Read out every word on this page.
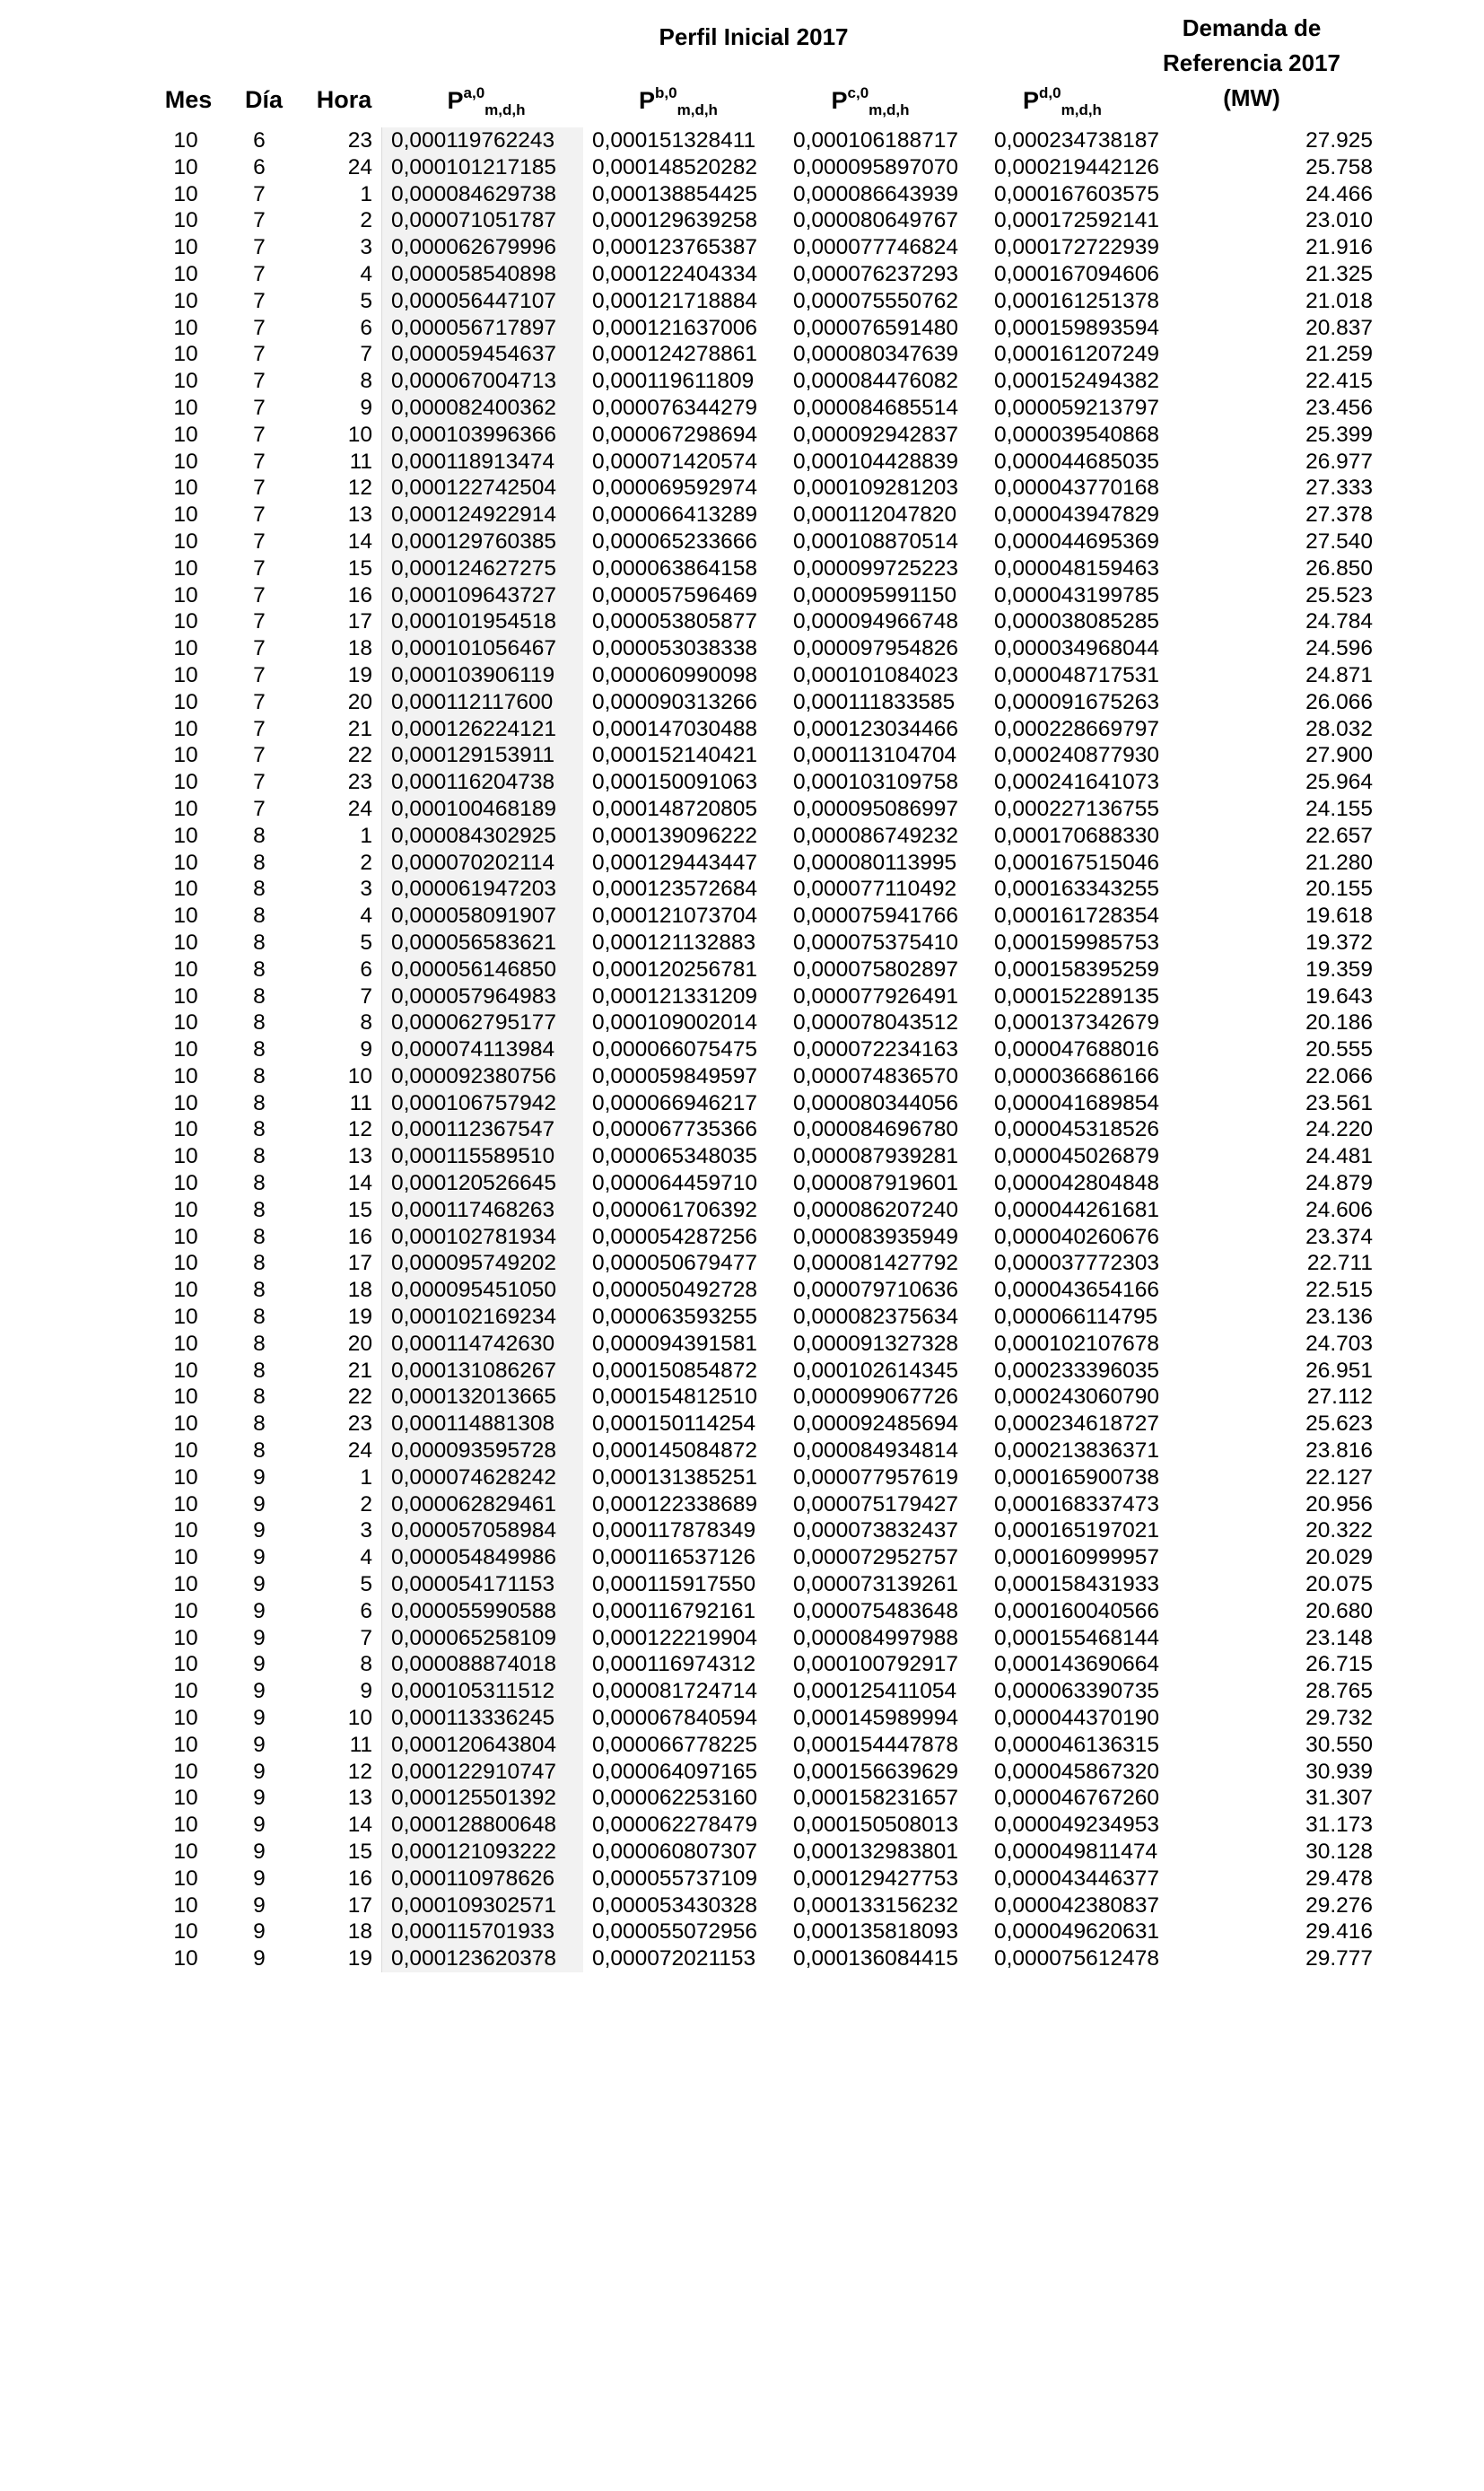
Perfil Inicial 2017	Demanda de
Referencia 2017
(MW)
Mes	Día	Hora	P$^{a,0}_{m,d,h}$	P$^{b,0}_{m,d,h}$	P$^{c,0}_{m,d,h}$	P$^{d,0}_{m,d,h}$
10	6	23	0,000119762243	0,000151328411	0,000106188717	0,000234738187	27.925
10	6	24	0,000101217185	0,000148520282	0,000095897070	0,000219442126	25.758
10	7	1	0,000084629738	0,000138854425	0,000086643939	0,000167603575	24.466
10	7	2	0,000071051787	0,000129639258	0,000080649767	0,000172592141	23.010
10	7	3	0,000062679996	0,000123765387	0,000077746824	0,000172722939	21.916
10	7	4	0,000058540898	0,000122404334	0,000076237293	0,000167094606	21.325
10	7	5	0,000056447107	0,000121718884	0,000075550762	0,000161251378	21.018
10	7	6	0,000056717897	0,000121637006	0,000076591480	0,000159893594	20.837
10	7	7	0,000059454637	0,000124278861	0,000080347639	0,000161207249	21.259
10	7	8	0,000067004713	0,000119611809	0,000084476082	0,000152494382	22.415
10	7	9	0,000082400362	0,000076344279	0,000084685514	0,000059213797	23.456
10	7	10	0,000103996366	0,000067298694	0,000092942837	0,000039540868	25.399
10	7	11	0,000118913474	0,000071420574	0,000104428839	0,000044685035	26.977
10	7	12	0,000122742504	0,000069592974	0,000109281203	0,000043770168	27.333
10	7	13	0,000124922914	0,000066413289	0,000112047820	0,000043947829	27.378
10	7	14	0,000129760385	0,000065233666	0,000108870514	0,000044695369	27.540
10	7	15	0,000124627275	0,000063864158	0,000099725223	0,000048159463	26.850
10	7	16	0,000109643727	0,000057596469	0,000095991150	0,000043199785	25.523
10	7	17	0,000101954518	0,000053805877	0,000094966748	0,000038085285	24.784
10	7	18	0,000101056467	0,000053038338	0,000097954826	0,000034968044	24.596
10	7	19	0,000103906119	0,000060990098	0,000101084023	0,000048717531	24.871
10	7	20	0,000112117600	0,000090313266	0,000111833585	0,000091675263	26.066
10	7	21	0,000126224121	0,000147030488	0,000123034466	0,000228669797	28.032
10	7	22	0,000129153911	0,000152140421	0,000113104704	0,000240877930	27.900
10	7	23	0,000116204738	0,000150091063	0,000103109758	0,000241641073	25.964
10	7	24	0,000100468189	0,000148720805	0,000095086997	0,000227136755	24.155
10	8	1	0,000084302925	0,000139096222	0,000086749232	0,000170688330	22.657
10	8	2	0,000070202114	0,000129443447	0,000080113995	0,000167515046	21.280
10	8	3	0,000061947203	0,000123572684	0,000077110492	0,000163343255	20.155
10	8	4	0,000058091907	0,000121073704	0,000075941766	0,000161728354	19.618
10	8	5	0,000056583621	0,000121132883	0,000075375410	0,000159985753	19.372
10	8	6	0,000056146850	0,000120256781	0,000075802897	0,000158395259	19.359
10	8	7	0,000057964983	0,000121331209	0,000077926491	0,000152289135	19.643
10	8	8	0,000062795177	0,000109002014	0,000078043512	0,000137342679	20.186
10	8	9	0,000074113984	0,000066075475	0,000072234163	0,000047688016	20.555
10	8	10	0,000092380756	0,000059849597	0,000074836570	0,000036686166	22.066
10	8	11	0,000106757942	0,000066946217	0,000080344056	0,000041689854	23.561
10	8	12	0,000112367547	0,000067735366	0,000084696780	0,000045318526	24.220
10	8	13	0,000115589510	0,000065348035	0,000087939281	0,000045026879	24.481
10	8	14	0,000120526645	0,000064459710	0,000087919601	0,000042804848	24.879
10	8	15	0,000117468263	0,000061706392	0,000086207240	0,000044261681	24.606
10	8	16	0,000102781934	0,000054287256	0,000083935949	0,000040260676	23.374
10	8	17	0,000095749202	0,000050679477	0,000081427792	0,000037772303	22.711
10	8	18	0,000095451050	0,000050492728	0,000079710636	0,000043654166	22.515
10	8	19	0,000102169234	0,000063593255	0,000082375634	0,000066114795	23.136
10	8	20	0,000114742630	0,000094391581	0,000091327328	0,000102107678	24.703
10	8	21	0,000131086267	0,000150854872	0,000102614345	0,000233396035	26.951
10	8	22	0,000132013665	0,000154812510	0,000099067726	0,000243060790	27.112
10	8	23	0,000114881308	0,000150114254	0,000092485694	0,000234618727	25.623
10	8	24	0,000093595728	0,000145084872	0,000084934814	0,000213836371	23.816
10	9	1	0,000074628242	0,000131385251	0,000077957619	0,000165900738	22.127
10	9	2	0,000062829461	0,000122338689	0,000075179427	0,000168337473	20.956
10	9	3	0,000057058984	0,000117878349	0,000073832437	0,000165197021	20.322
10	9	4	0,000054849986	0,000116537126	0,000072952757	0,000160999957	20.029
10	9	5	0,000054171153	0,000115917550	0,000073139261	0,000158431933	20.075
10	9	6	0,000055990588	0,000116792161	0,000075483648	0,000160040566	20.680
10	9	7	0,000065258109	0,000122219904	0,000084997988	0,000155468144	23.148
10	9	8	0,000088874018	0,000116974312	0,000100792917	0,000143690664	26.715
10	9	9	0,000105311512	0,000081724714	0,000125411054	0,000063390735	28.765
10	9	10	0,000113336245	0,000067840594	0,000145989994	0,000044370190	29.732
10	9	11	0,000120643804	0,000066778225	0,000154447878	0,000046136315	30.550
10	9	12	0,000122910747	0,000064097165	0,000156639629	0,000045867320	30.939
10	9	13	0,000125501392	0,000062253160	0,000158231657	0,000046767260	31.307
10	9	14	0,000128800648	0,000062278479	0,000150508013	0,000049234953	31.173
10	9	15	0,000121093222	0,000060807307	0,000132983801	0,000049811474	30.128
10	9	16	0,000110978626	0,000055737109	0,000129427753	0,000043446377	29.478
10	9	17	0,000109302571	0,000053430328	0,000133156232	0,000042380837	29.276
10	9	18	0,000115701933	0,000055072956	0,000135818093	0,000049620631	29.416
10	9	19	0,000123620378	0,000072021153	0,000136084415	0,000075612478	29.777
